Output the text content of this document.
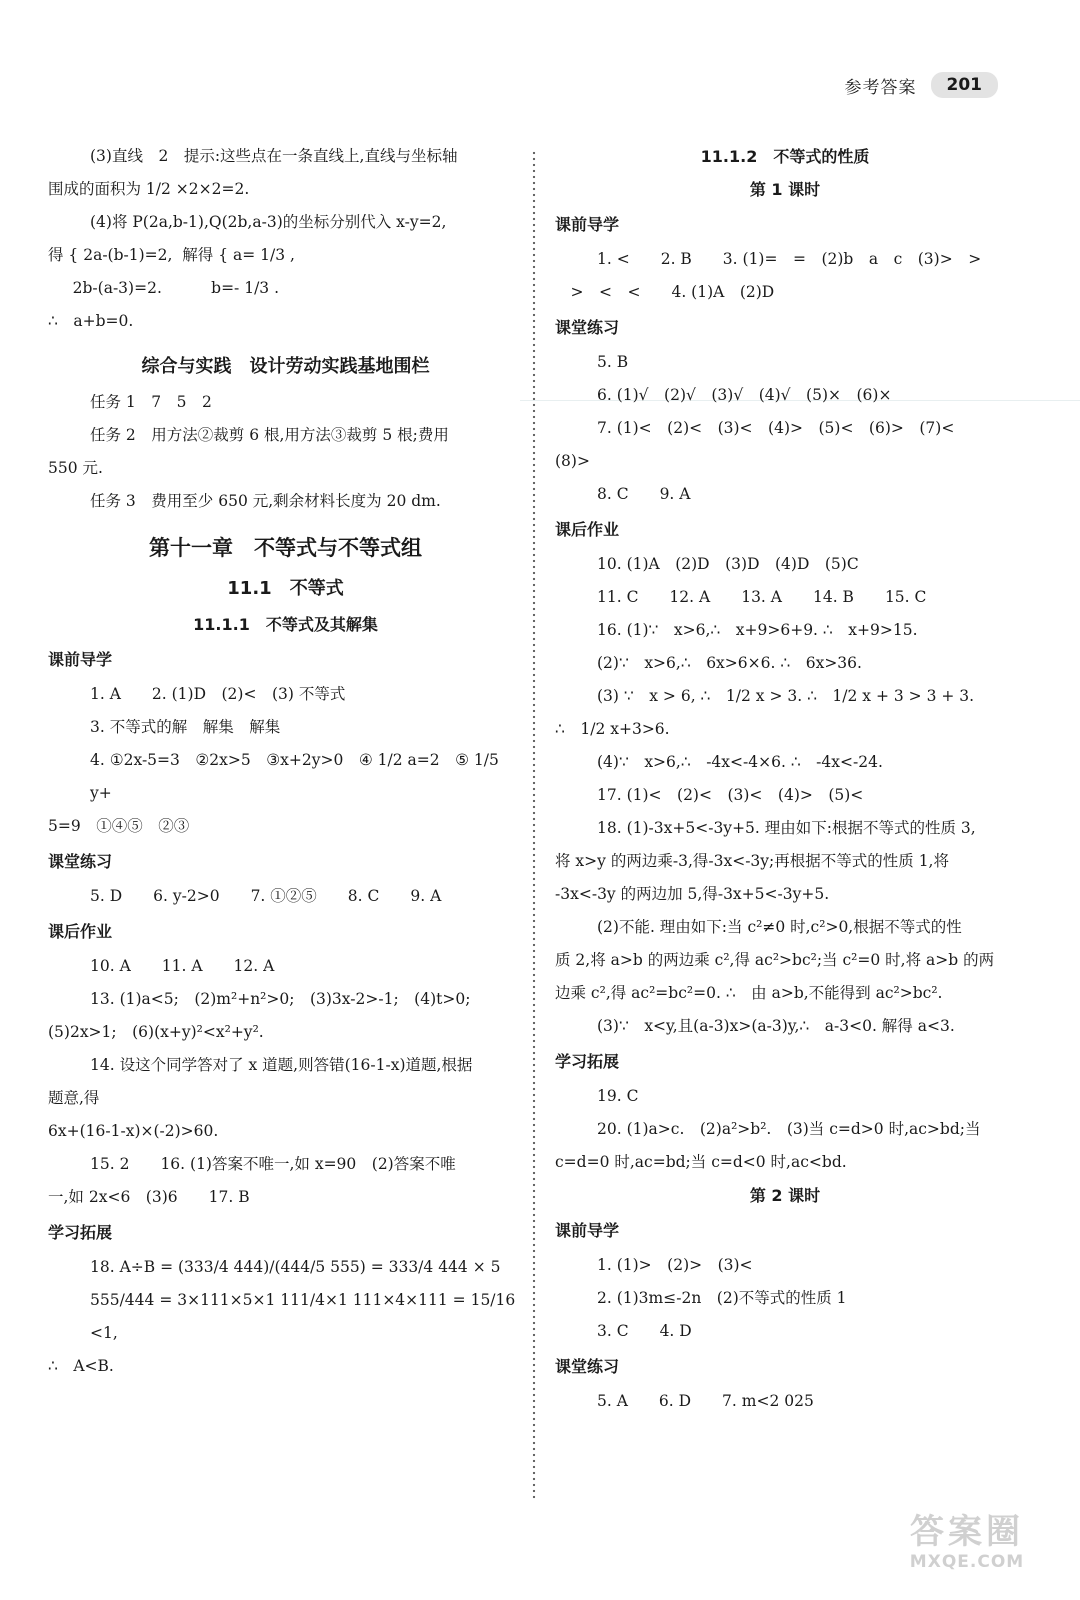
参考答案	201
(3)直线　2　提示:这些点在一条直线上,直线与坐标轴
围成的面积为 1/2 ×2×2=2.
(4)将 P(2a,b-1),Q(2b,a-3)的坐标分别代入 x-y=2,
得 { 2a-(b-1)=2,  解得 { a= 1/3 ,
2b-(a-3)=2.          b=- 1/3 .
∴　a+b=0.
综合与实践　设计劳动实践基地围栏
任务 1　7　5　2
任务 2　用方法②裁剪 6 根,用方法③裁剪 5 根;费用
550 元.
任务 3　费用至少 650 元,剩余材料长度为 20 dm.
第十一章　不等式与不等式组
11.1　不等式
11.1.1　不等式及其解集
课前导学
1. A　　2. (1)D　(2)<　(3) 不等式
3. 不等式的解　解集　解集
4. ①2x-5=3　②2x>5　③x+2y>0　④ 1/2 a=2　⑤ 1/5 y+
5=9　①④⑤　②③
课堂练习
5. D　　6. y-2>0　　7. ①②⑤　　8. C　　9. A
课后作业
10. A　　11. A　　12. A
13. (1)a<5;　(2)m²+n²>0;　(3)3x-2>-1;　(4)t>0;
(5)2x>1;　(6)(x+y)²<x²+y².
14. 设这个同学答对了 x 道题,则答错(16-1-x)道题,根据
题意,得
6x+(16-1-x)×(-2)>60.
15. 2　　16. (1)答案不唯一,如 x=90　(2)答案不唯
一,如 2x<6　(3)6　　17. B
学习拓展
18. A÷B = (333/4 444)/(444/5 555) = 333/4 444 × 5 555/444 = 3×111×5×1 111/4×1 111×4×111 = 15/16 <1,
∴　A<B.
11.1.2　不等式的性质
第 1 课时
课前导学
1. <　　2. B　　3. (1)=　=　(2)b　a　c　(3)>　>
　>　<　<　　4. (1)A　(2)D
课堂练习
5. B
6. (1)√　(2)√　(3)√　(4)√　(5)×　(6)×
7. (1)<　(2)<　(3)<　(4)>　(5)<　(6)>　(7)<
(8)>
8. C　　9. A
课后作业
10. (1)A　(2)D　(3)D　(4)D　(5)C
11. C　　12. A　　13. A　　14. B　　15. C
16. (1)∵　x>6,∴　x+9>6+9. ∴　x+9>15.
(2)∵　x>6,∴　6x>6×6. ∴　6x>36.
(3) ∵　x > 6, ∴　1/2 x > 3. ∴　1/2 x + 3 > 3 + 3.
∴　1/2 x+3>6.
(4)∵　x>6,∴　-4x<-4×6. ∴　-4x<-24.
17. (1)<　(2)<　(3)<　(4)>　(5)<
18. (1)-3x+5<-3y+5. 理由如下:根据不等式的性质 3,
将 x>y 的两边乘-3,得-3x<-3y;再根据不等式的性质 1,将
-3x<-3y 的两边加 5,得-3x+5<-3y+5.
(2)不能. 理由如下:当 c²≠0 时,c²>0,根据不等式的性
质 2,将 a>b 的两边乘 c²,得 ac²>bc²;当 c²=0 时,将 a>b 的两
边乘 c²,得 ac²=bc²=0. ∴　由 a>b,不能得到 ac²>bc².
(3)∵　x<y,且(a-3)x>(a-3)y,∴　a-3<0. 解得 a<3.
学习拓展
19. C
20. (1)a>c.　(2)a²>b².　(3)当 c=d>0 时,ac>bd;当
c=d=0 时,ac=bd;当 c=d<0 时,ac<bd.
第 2 课时
课前导学
1. (1)>　(2)>　(3)<
2. (1)3m≤-2n　(2)不等式的性质 1
3. C　　4. D
课堂练习
5. A　　6. D　　7. m<2 025
答案圈
MXQE.COM
